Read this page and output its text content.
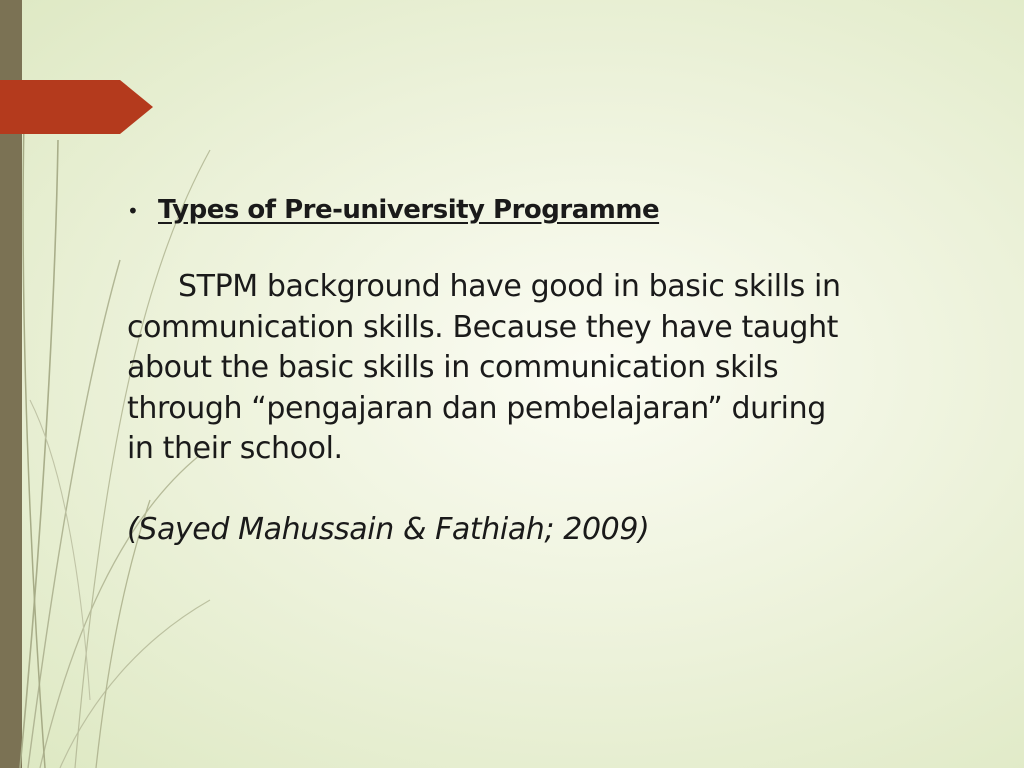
• Types of Pre-university Programme
STPM background have good in basic skills in
communication skills. Because they have taught
about the basic skills in communication skils
through “pengajaran dan pembelajaran” during
in their school.
(Sayed Mahussain & Fathiah; 2009)
